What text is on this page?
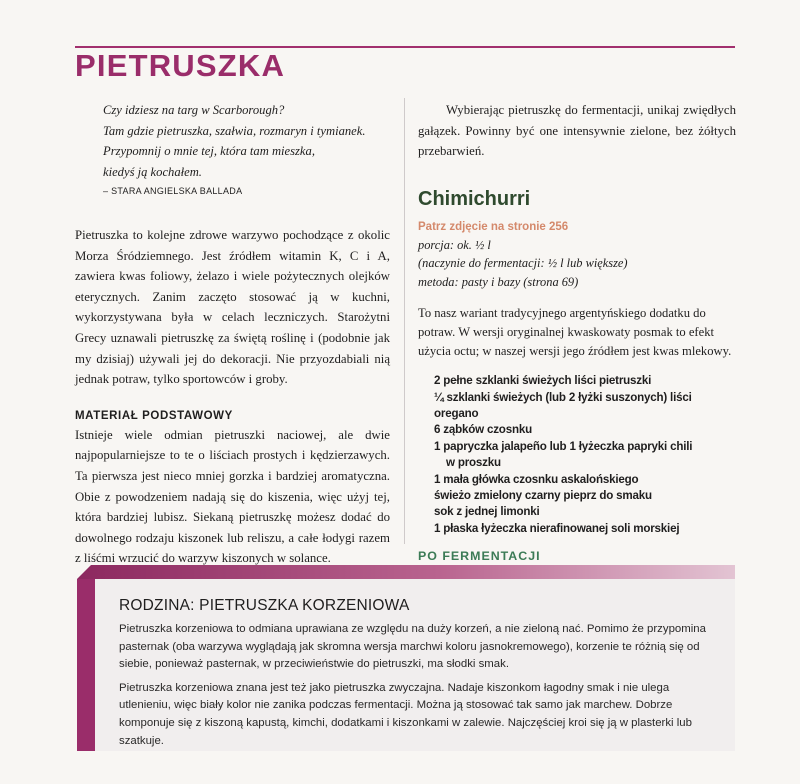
PIETRUSZKA
Czy idziesz na targ w Scarborough?
Tam gdzie pietruszka, szałwia, rozmaryn i tymianek.
Przypomnij o mnie tej, która tam mieszka,
kiedyś ją kochałem.
– STARA ANGIELSKA BALLADA

Pietruszka to kolejne zdrowe warzywo pochodzące z okolic Morza Śródziemnego. Jest źródłem witamin K, C i A, zawiera kwas foliowy, żelazo i wiele pożytecznych olejków eterycznych. Zanim zaczęto stosować ją w kuchni, wykorzystywana była w celach leczniczych. Starożytni Grecy uznawali pietruszkę za świętą roślinę i (podobnie jak my dzisiaj) używali jej do dekoracji. Nie przyozdabiali nią jednak potraw, tylko sportowców i groby.

MATERIAŁ PODSTAWOWY

Istnieje wiele odmian pietruszki naciowej, ale dwie najpopularniejsze to te o liściach prostych i kędzierzawych. Ta pierwsza jest nieco mniej gorzka i bardziej aromatyczna. Obie z powodzeniem nadają się do kiszenia, więc użyj tej, która bardziej lubisz. Siekaną pietruszkę możesz dodać do dowolnego rodzaju kiszonek lub reliszu, a całe łodygi razem z liśćmi wrzucić do warzyw kiszonych w solance.

Wybierając pietruszkę do fermentacji, unikaj zwiędłych gałązek. Powinny być one intensywnie zielone, bez żółtych przebarwień.

Chimichurri
Patrz zdjęcie na stronie 256
porcja: ok. ½ l
(naczynie do fermentacji: ½ l lub większe)
metoda: pasty i bazy (strona 69)

To nasz wariant tradycyjnego argentyńskiego dodatku do potraw. W wersji oryginalnej kwaskowaty posmak to efekt użycia octu; w naszej wersji jego źródłem jest kwas mlekowy.

2 pełne szklanki świeżych liści pietruszki
¼ szklanki świeżych (lub 2 łyżki suszonych) liści oregano
6 ząbków czosnku
1 papryczka jalapeño lub 1 łyżeczka papryki chili
w proszku
1 mała główka czosnku askalońskiego
świeżo zmielony czarny pieprz do smaku
sok z jednej limonki
1 płaska łyżeczka nierafinowanej soli morskiej
PO FERMENTACJI
RODZINA: PIETRUSZKA KORZENIOWA

Pietruszka korzeniowa to odmiana uprawiana ze względu na duży korzeń, a nie zieloną nać. Pomimo że przypomina pasternak (oba warzywa wyglądają jak skromna wersja marchwi koloru jasnokremowego), korzenie te różnią się od siebie, ponieważ pasternak, w przeciwieństwie do pietruszki, ma słodki smak.

Pietruszka korzeniowa znana jest też jako pietruszka zwyczajna. Nadaje kiszonkom łagodny smak i nie ulega utlenieniu, więc biały kolor nie zanika podczas fermentacji. Można ją stosować tak samo jak marchew. Dobrze komponuje się z kiszoną kapustą, kimchi, dodatkami i kiszonkami w zalewie. Najczęściej kroi się ją w plasterki lub szatkuje.
